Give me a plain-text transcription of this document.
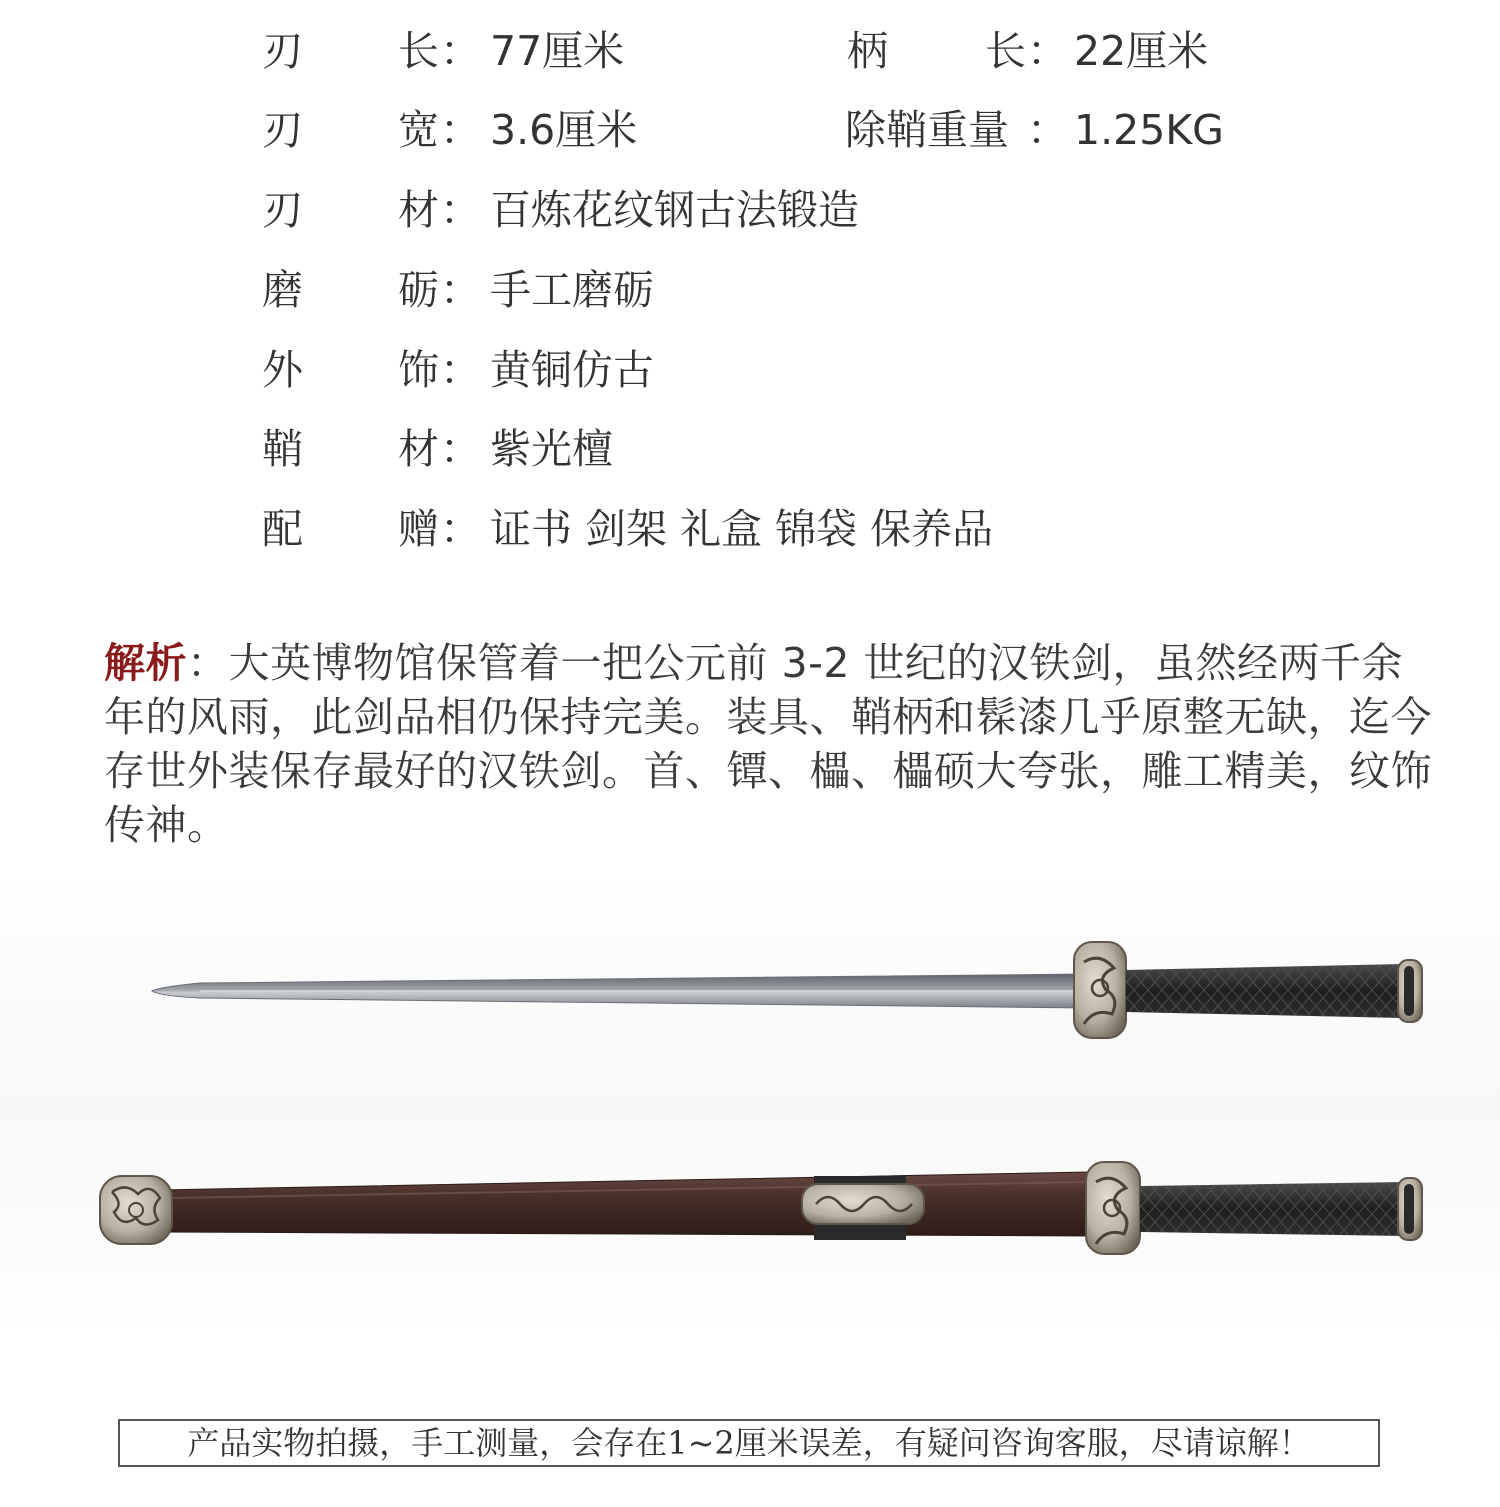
刃 长 ： 77厘米	柄 长 ： 22厘米
刃 宽 ： 3.6厘米	除鞘重量 ： 1.25KG
刃 材 ： 百炼花纹钢古法锻造
磨 砺 ： 手工磨砺
外 饰 ： 黄铜仿古
鞘 材 ： 紫光檀
配 赠 ： 证书 剑架 礼盒 锦袋 保养品
解析：大英博物馆保管着一把公元前 3-2 世纪的汉铁剑，虽然经两千余年的风雨，此剑品相仍保持完美。装具、鞘柄和髹漆几乎原整无缺，迄今存世外装保存最好的汉铁剑。首、镡、櫑、櫑硕大夸张，雕工精美，纹饰传神。
产品实物拍摄，手工测量，会存在1~2厘米误差，有疑问咨询客服，尽请谅解！
